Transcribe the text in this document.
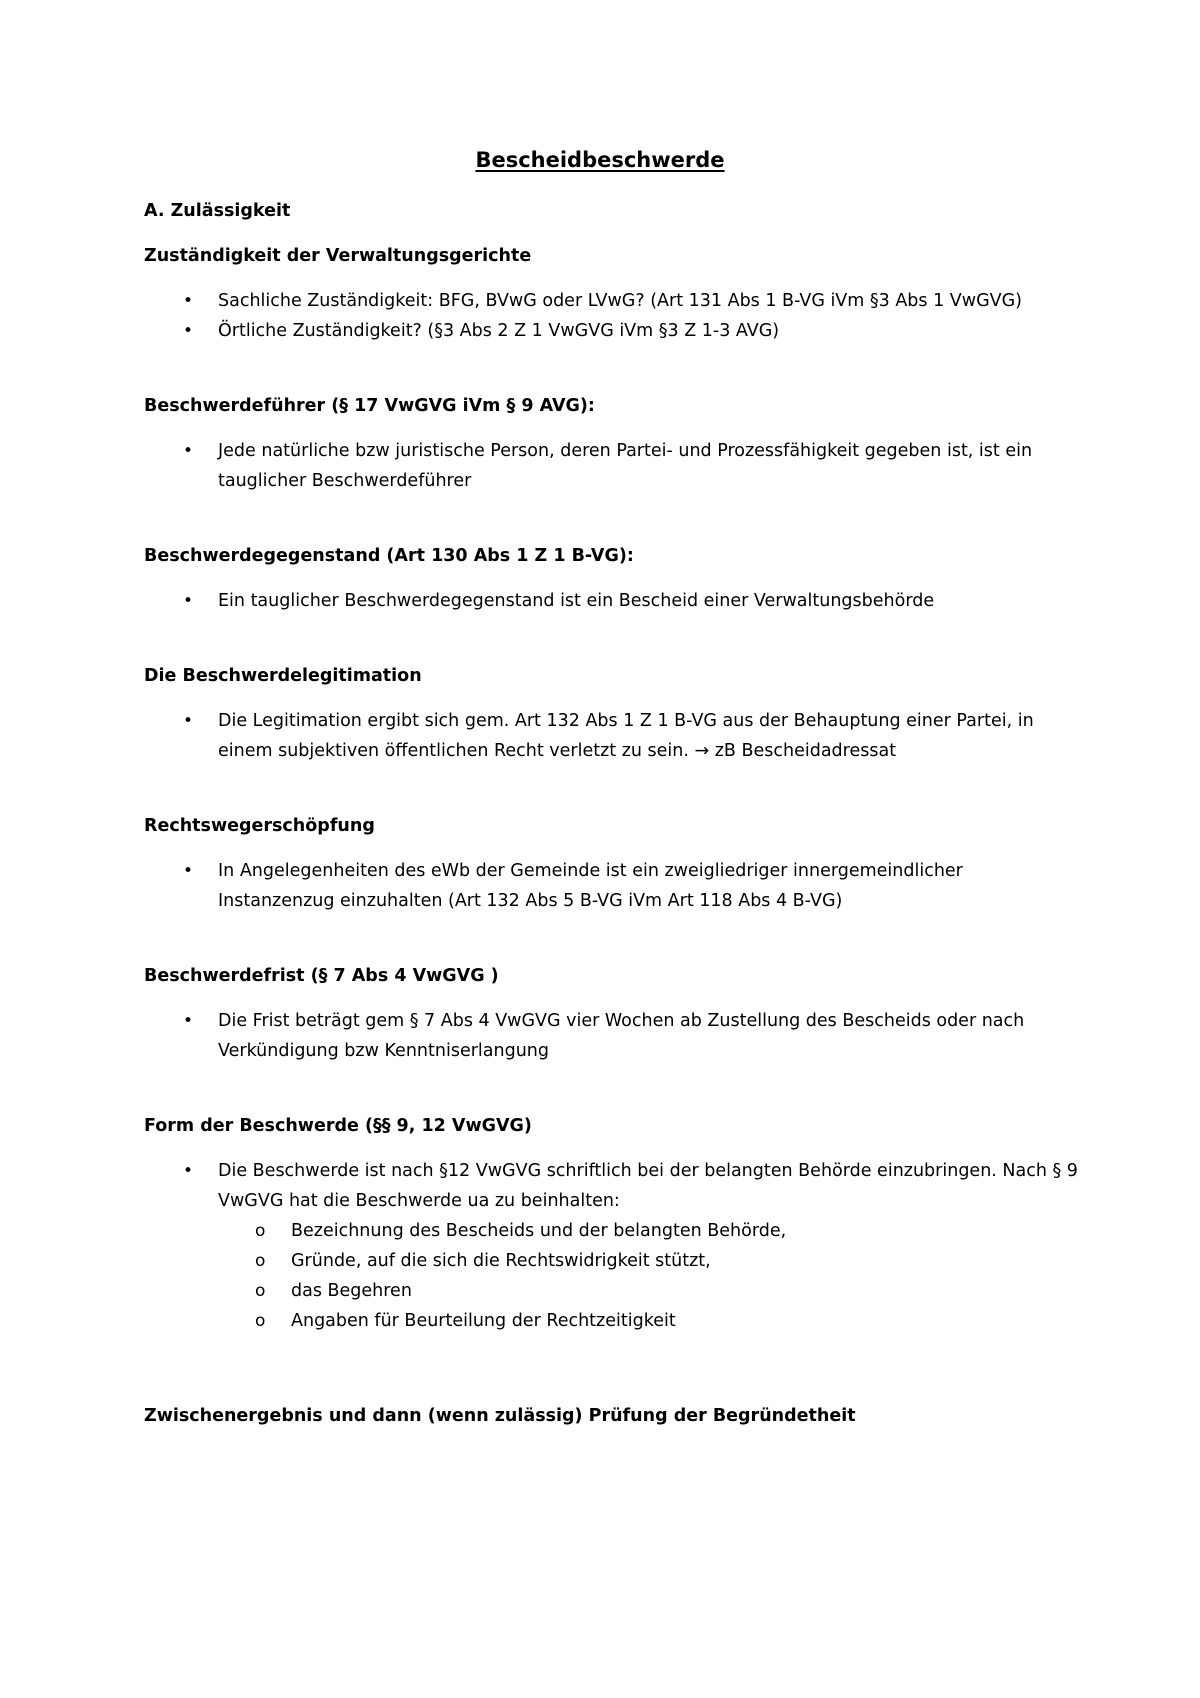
Bescheidbeschwerde
A. Zulässigkeit
Zuständigkeit der Verwaltungsgerichte
• Sachliche Zuständigkeit: BFG, BVwG oder LVwG? (Art 131 Abs 1 B-VG iVm §3 Abs 1 VwGVG)
• Örtliche Zuständigkeit? (§3 Abs 2 Z 1 VwGVG iVm §3 Z 1-3 AVG)
Beschwerdeführer (§ 17 VwGVG iVm § 9 AVG):
• Jede natürliche bzw juristische Person, deren Partei- und Prozessfähigkeit gegeben ist, ist ein tauglicher Beschwerdeführer
Beschwerdegegenstand (Art 130 Abs 1 Z 1 B-VG):
• Ein tauglicher Beschwerdegegenstand ist ein Bescheid einer Verwaltungsbehörde
Die Beschwerdelegitimation
• Die Legitimation ergibt sich gem. Art 132 Abs 1 Z 1 B-VG aus der Behauptung einer Partei, in einem subjektiven öffentlichen Recht verletzt zu sein. → zB Bescheidadressat
Rechtswegerschöpfung
• In Angelegenheiten des eWb der Gemeinde ist ein zweigliedriger innergemeindlicher Instanzenzug einzuhalten (Art 132 Abs 5 B-VG iVm Art 118 Abs 4 B-VG)
Beschwerdefrist (§ 7 Abs 4 VwGVG )
• Die Frist beträgt gem § 7 Abs 4 VwGVG vier Wochen ab Zustellung des Bescheids oder nach Verkündigung bzw Kenntniserlangung
Form der Beschwerde (§§ 9, 12 VwGVG)
• Die Beschwerde ist nach §12 VwGVG schriftlich bei der belangten Behörde einzubringen. Nach § 9 VwGVG hat die Beschwerde ua zu beinhalten:
o Bezeichnung des Bescheids und der belangten Behörde,
o Gründe, auf die sich die Rechtswidrigkeit stützt,
o das Begehren
o Angaben für Beurteilung der Rechtzeitigkeit
Zwischenergebnis und dann (wenn zulässig) Prüfung der Begründetheit
